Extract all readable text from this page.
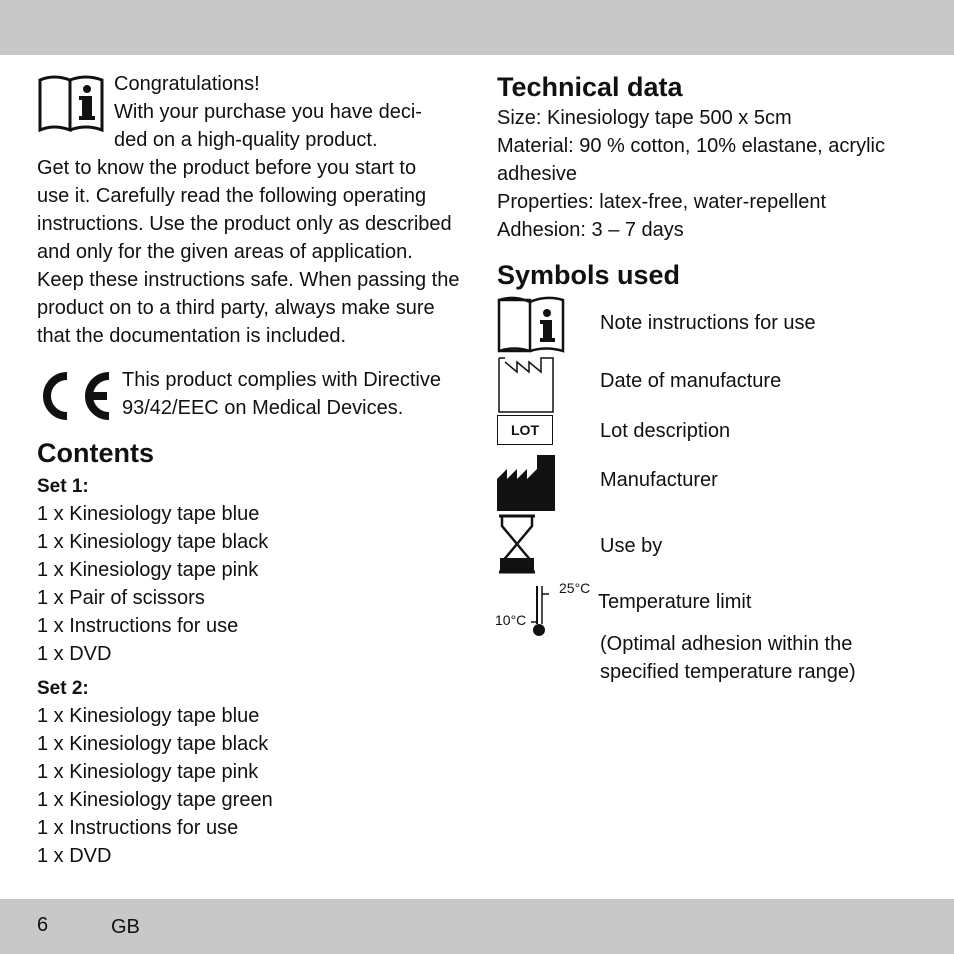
Congratulations!

With your purchase you have deci-

ded on a high-quality product.

Get to know the product before you start to

use it. Carefully read the following operating

instructions. Use the product only as described

and only for the given areas of application.

Keep these instructions safe. When passing the

product on to a third party, always make sure

that the documentation is included.

This product complies with Directive

93/42/EEC on Medical Devices.

Contents

Set 1:

1 x Kinesiology tape blue
1 x Kinesiology tape black
1 x Kinesiology tape pink
1 x Pair of scissors
1 x Instructions for use
1 x DVD

Set 2:

1 x Kinesiology tape blue
1 x Kinesiology tape black
1 x Kinesiology tape pink
1 x Kinesiology tape green
1 x Instructions for use
1 x DVD
Technical data

Size: Kinesiology tape 500 x 5cm

Material: 90 % cotton, 10% elastane, acrylic

adhesive

Properties: latex-free, water-repellent

Adhesion: 3 – 7 days

Symbols used
Note instructions for use
Date of manufacture
LOT	Lot description
Manufacturer
Use by
25°C
10°C
Temperature limit
(Optimal adhesion within the
specified temperature range)
6	GB
